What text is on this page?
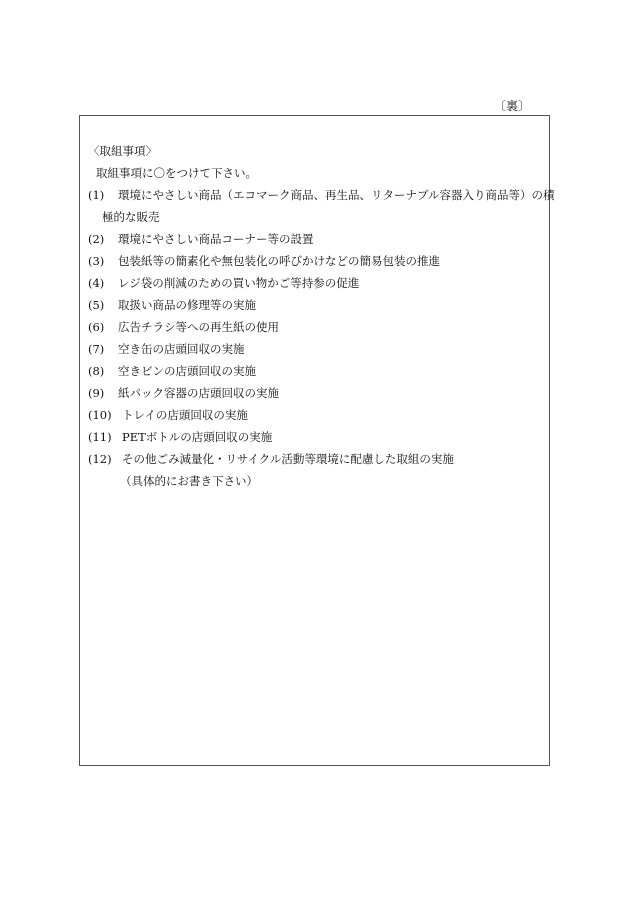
〔裏〕
〈取組事項〉
取組事項に〇をつけて下さい。
(1)	環境にやさしい商品（エコマーク商品、再生品、リターナブル容器入り商品等）の積
極的な販売
(2)	環境にやさしい商品コーナー等の設置
(3)	包装紙等の簡素化や無包装化の呼びかけなどの簡易包装の推進
(4)	レジ袋の削減のための買い物かご等持参の促進
(5)	取扱い商品の修理等の実施
(6)	広告チラシ等への再生紙の使用
(7)	空き缶の店頭回収の実施
(8)	空きビンの店頭回収の実施
(9)	紙パック容器の店頭回収の実施
(10) トレイの店頭回収の実施
(11) PETボトルの店頭回収の実施
(12) その他ごみ減量化・リサイクル活動等環境に配慮した取組の実施
（具体的にお書き下さい）
